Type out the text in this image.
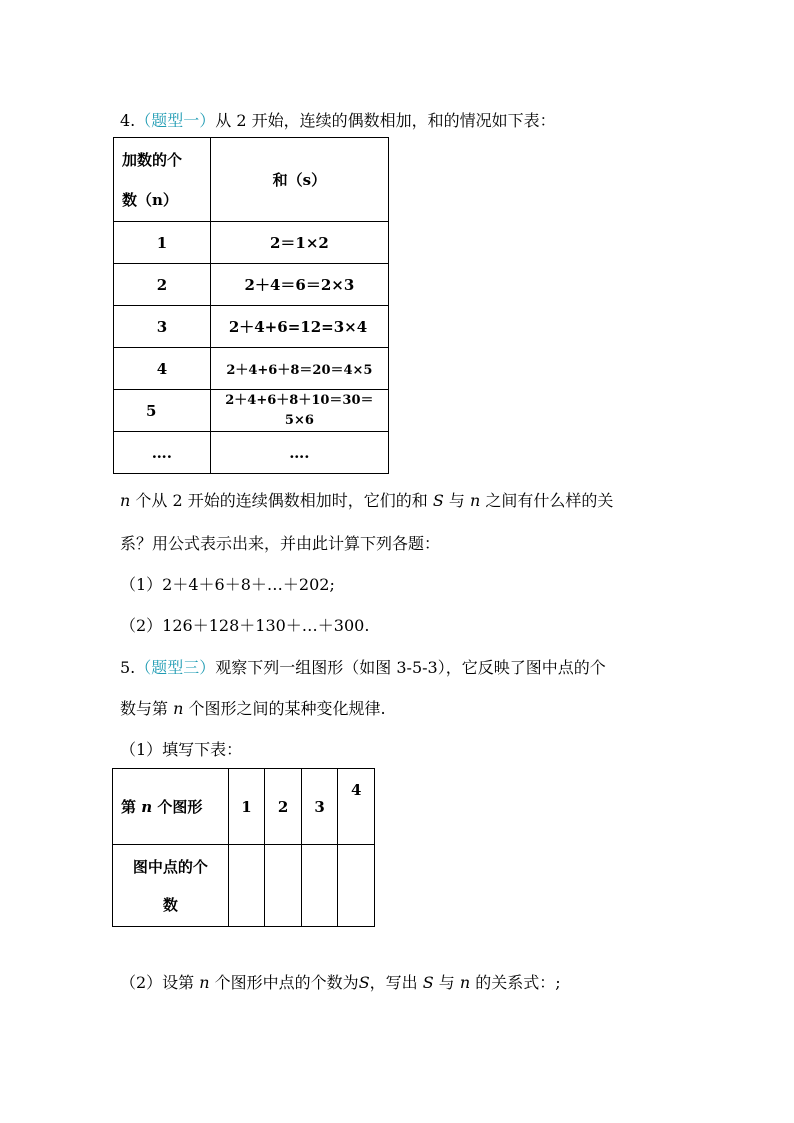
4.（题型一）从 2 开始，连续的偶数相加，和的情况如下表：
加数的个
数（n）	和（s）
1	2＝1×2
2	2＋4＝6＝2×3
3	2＋4+6=12=3×4
4	2＋4+6＋8＝20＝4×5
5	2＋4+6＋8＋10＝30＝
5×6

….	….
n 个从 2 开始的连续偶数相加时，它们的和 S 与 n 之间有什么样的关
系？用公式表示出来，并由此计算下列各题：
（1）2＋4＋6＋8＋…＋202;
（2）126＋128＋130＋…＋300.
5.（题型三）观察下列一组图形（如图 3-5-3），它反映了图中点的个
数与第 n 个图形之间的某种变化规律.
（1）填写下表：
第 n 个图形	1	2	3	4

图中点的个
数				

（2）设第 n 个图形中点的个数为S，写出 S 与 n 的关系式：;
